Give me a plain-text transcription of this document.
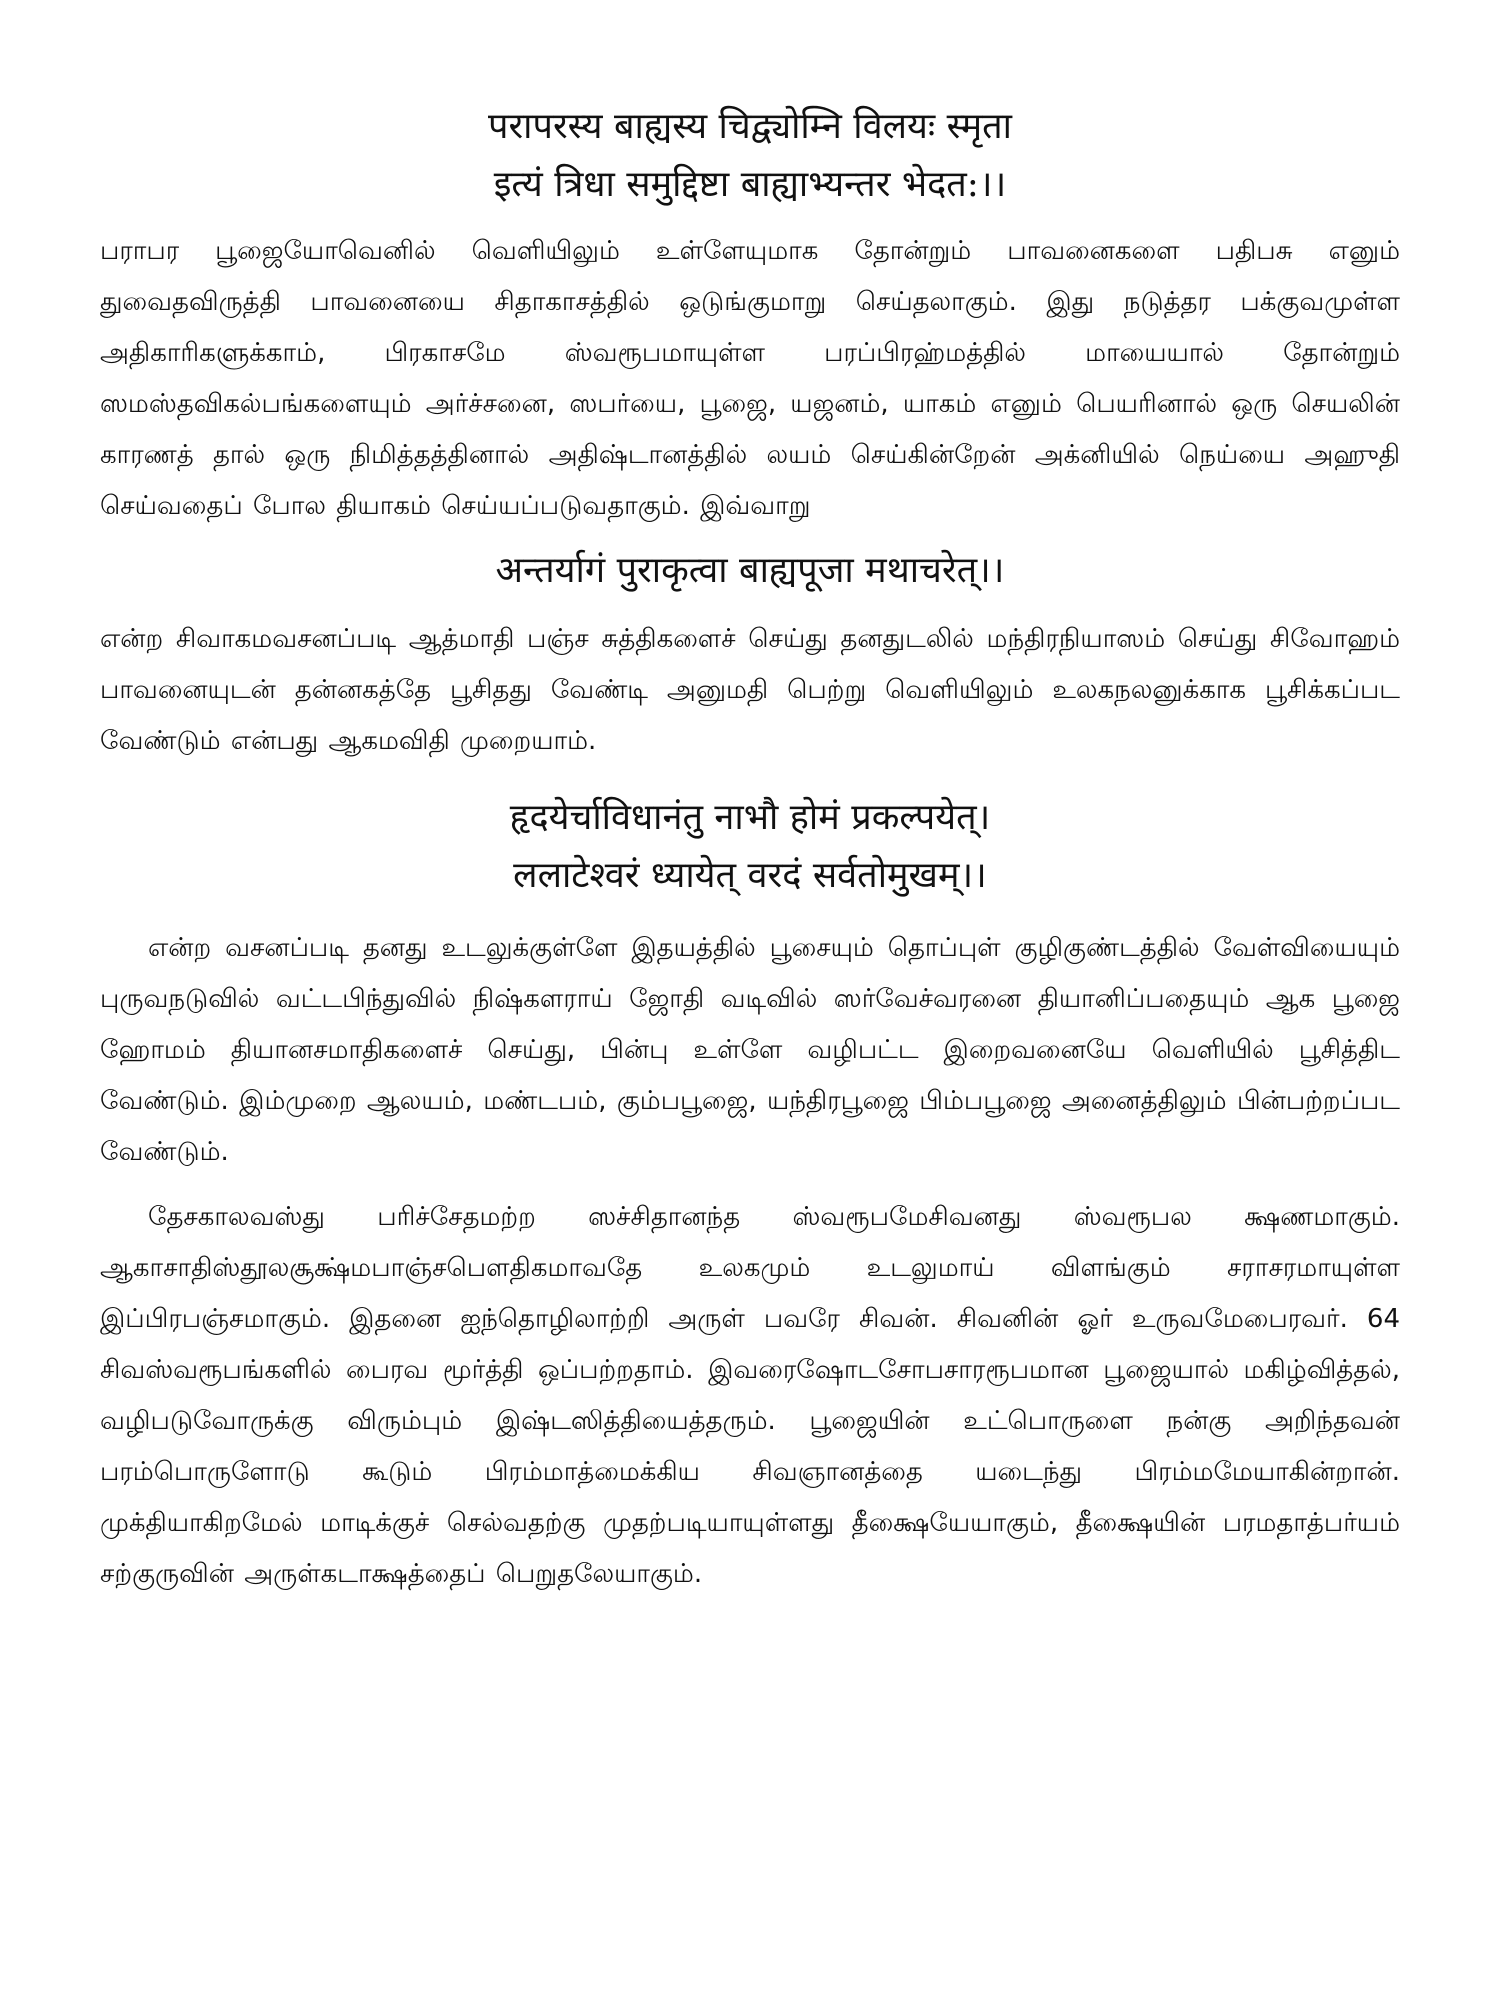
परापरस्य बाह्यस्य चिद्व्योम्नि विलयः स्मृता

इत्यं त्रिधा समुद्दिष्टा बाह्याभ्यन्तर भेदत:।।

பராபர பூஜையோவெனில் வெளியிலும் உள்ளேயுமாக தோன்றும் பாவனைகளை பதிபசு எனும் துவைதவிருத்தி பாவனையை சிதாகாசத்தில் ஒடுங்குமாறு செய்தலாகும். இது நடுத்தர பக்குவமுள்ள அதிகாரிகளுக்காம், பிரகாசமே ஸ்வரூபமாயுள்ள பரப்பிரஹ்மத்தில் மாயையால் தோன்றும் ஸமஸ்தவிகல்பங்களையும் அர்ச்சனை, ஸபர்யை, பூஜை, யஜனம், யாகம் எனும் பெயரினால் ஒரு செயலின் காரணத் தால் ஒரு நிமித்தத்தினால் அதிஷ்டானத்தில் லயம் செய்கின்றேன் அக்னியில் நெய்யை அஹுதி செய்வதைப் போல தியாகம் செய்யப்படுவதாகும். இவ்வாறு

अन्तर्यागं पुराकृत्वा बाह्यपूजा मथाचरेत्।।

என்ற சிவாகமவசனப்படி ஆத்மாதி பஞ்ச சுத்திகளைச் செய்து தனதுடலில் மந்திரநியாஸம் செய்து சிவோஹம் பாவனையுடன் தன்னகத்தே பூசிதது வேண்டி அனுமதி பெற்று வெளியிலும் உலகநலனுக்காக பூசிக்கப்பட வேண்டும் என்பது ஆகமவிதி முறையாம்.

हृदयेर्चाविधानंतु नाभौ होमं प्रकल्पयेत्।

ललाटेश्वरं ध्यायेत् वरदं सर्वतोमुखम्।।

என்ற வசனப்படி தனது உடலுக்குள்ளே இதயத்தில் பூசையும் தொப்புள் குழிகுண்டத்தில் வேள்வியையும் புருவநடுவில் வட்டபிந்துவில் நிஷ்களராய் ஜோதி வடிவில் ஸர்வேச்வரனை தியானிப்பதையும் ஆக பூஜை ஹோமம் தியானசமாதிகளைச் செய்து, பின்பு உள்ளே வழிபட்ட இறைவனையே வெளியில் பூசித்திட வேண்டும். இம்முறை ஆலயம், மண்டபம், கும்பபூஜை, யந்திரபூஜை பிம்பபூஜை அனைத்திலும் பின்பற்றப்பட வேண்டும்.

தேசகாலவஸ்து பரிச்சேதமற்ற ஸச்சிதானந்த ஸ்வரூபமேசிவனது ஸ்வரூபல க்ஷணமாகும். ஆகாசாதிஸ்தூலசூக்ஷ்மபாஞ்சபௌதிகமாவதே உலகமும் உடலுமாய் விளங்கும் சராசரமாயுள்ள இப்பிரபஞ்சமாகும். இதனை ஐந்தொழிலாற்றி அருள் பவரே சிவன். சிவனின் ஓர் உருவமேபைரவர். 64 சிவஸ்வரூபங்களில் பைரவ மூர்த்தி ஒப்பற்றதாம். இவரைஷோடசோபசாரரூபமான பூஜையால் மகிழ்வித்தல், வழிபடுவோருக்கு விரும்பும் இஷ்டஸித்தியைத்தரும். பூஜையின் உட்பொருளை நன்கு அறிந்தவன் பரம்பொருளோடு கூடும் பிரம்மாத்மைக்கிய சிவஞானத்தை யடைந்து பிரம்மமேயாகின்றான். முக்தியாகிறமேல் மாடிக்குச் செல்வதற்கு முதற்படியாயுள்ளது தீக்ஷையேயாகும், தீக்ஷையின் பரமதாத்பர்யம் சற்குருவின் அருள்கடாக்ஷத்தைப் பெறுதலேயாகும்.
